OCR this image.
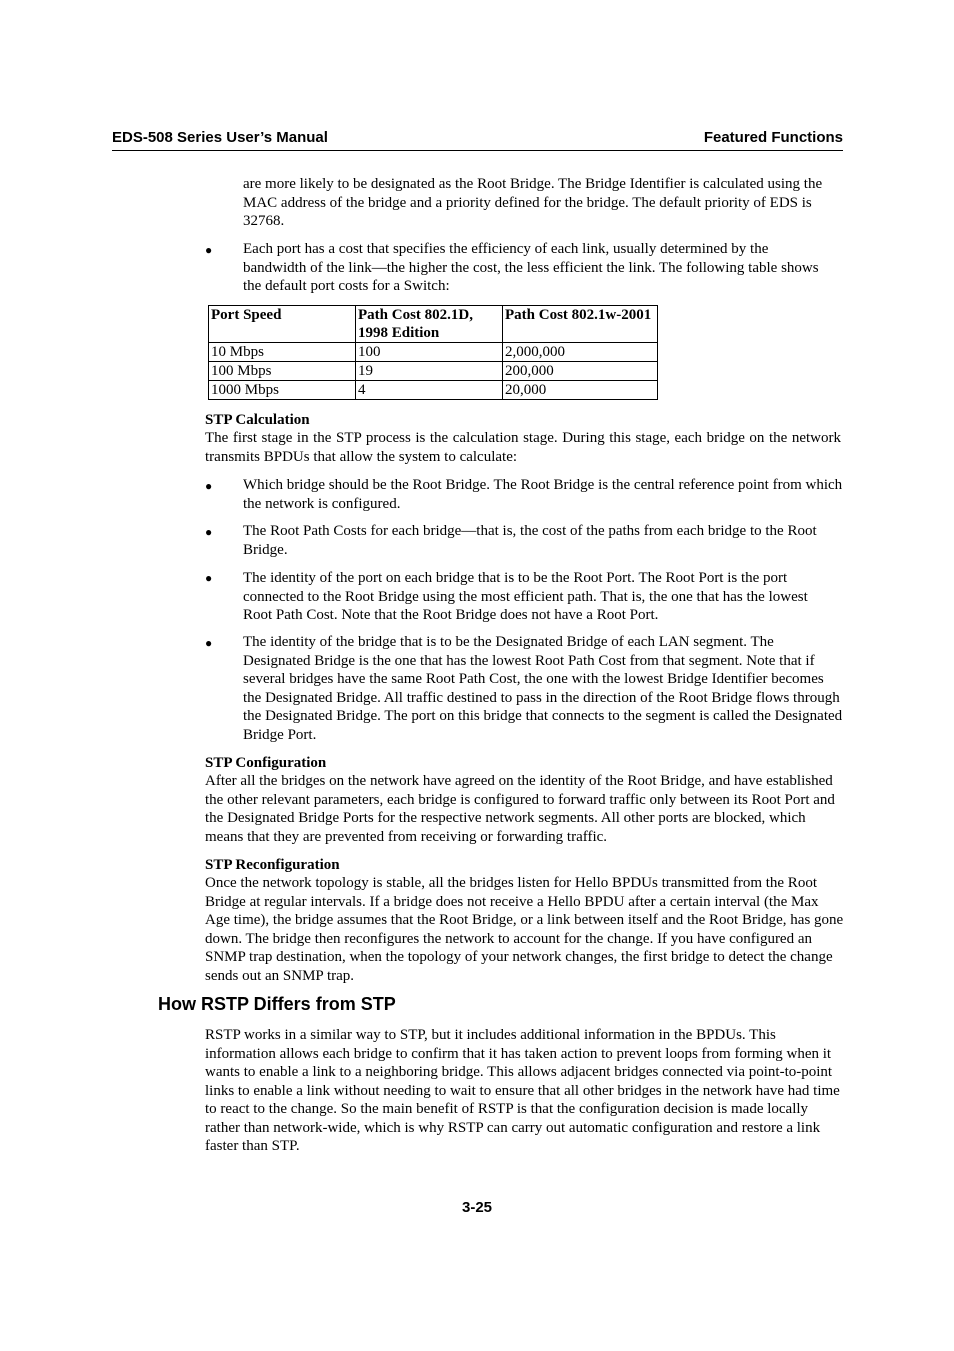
EDS-508 Series User’s Manual	Featured Functions

are more likely to be designated as the Root Bridge. The Bridge Identifier is calculated using the MAC address of the bridge and a priority defined for the bridge. The default priority of EDS is 32768.

● Each port has a cost that specifies the efficiency of each link, usually determined by the bandwidth of the link—the higher the cost, the less efficient the link. The following table shows the default port costs for a Switch:

Port Speed	Path Cost 802.1D, 1998 Edition	Path Cost 802.1w-2001
10 Mbps	100	2,000,000
100 Mbps	19	200,000
1000 Mbps	4	20,000

STP Calculation

The first stage in the STP process is the calculation stage. During this stage, each bridge on the network transmits BPDUs that allow the system to calculate:

● Which bridge should be the Root Bridge. The Root Bridge is the central reference point from which the network is configured.

● The Root Path Costs for each bridge—that is, the cost of the paths from each bridge to the Root Bridge.

● The identity of the port on each bridge that is to be the Root Port. The Root Port is the port connected to the Root Bridge using the most efficient path. That is, the one that has the lowest Root Path Cost. Note that the Root Bridge does not have a Root Port.

● The identity of the bridge that is to be the Designated Bridge of each LAN segment. The Designated Bridge is the one that has the lowest Root Path Cost from that segment. Note that if several bridges have the same Root Path Cost, the one with the lowest Bridge Identifier becomes the Designated Bridge. All traffic destined to pass in the direction of the Root Bridge flows through the Designated Bridge. The port on this bridge that connects to the segment is called the Designated Bridge Port.

STP Configuration

After all the bridges on the network have agreed on the identity of the Root Bridge, and have established the other relevant parameters, each bridge is configured to forward traffic only between its Root Port and the Designated Bridge Ports for the respective network segments. All other ports are blocked, which means that they are prevented from receiving or forwarding traffic.

STP Reconfiguration

Once the network topology is stable, all the bridges listen for Hello BPDUs transmitted from the Root Bridge at regular intervals. If a bridge does not receive a Hello BPDU after a certain interval (the Max Age time), the bridge assumes that the Root Bridge, or a link between itself and the Root Bridge, has gone down. The bridge then reconfigures the network to account for the change. If you have configured an SNMP trap destination, when the topology of your network changes, the first bridge to detect the change sends out an SNMP trap.

How RSTP Differs from STP

RSTP works in a similar way to STP, but it includes additional information in the BPDUs. This information allows each bridge to confirm that it has taken action to prevent loops from forming when it wants to enable a link to a neighboring bridge. This allows adjacent bridges connected via point-to-point links to enable a link without needing to wait to ensure that all other bridges in the network have had time to react to the change. So the main benefit of RSTP is that the configuration decision is made locally rather than network-wide, which is why RSTP can carry out automatic configuration and restore a link faster than STP.

3-25
